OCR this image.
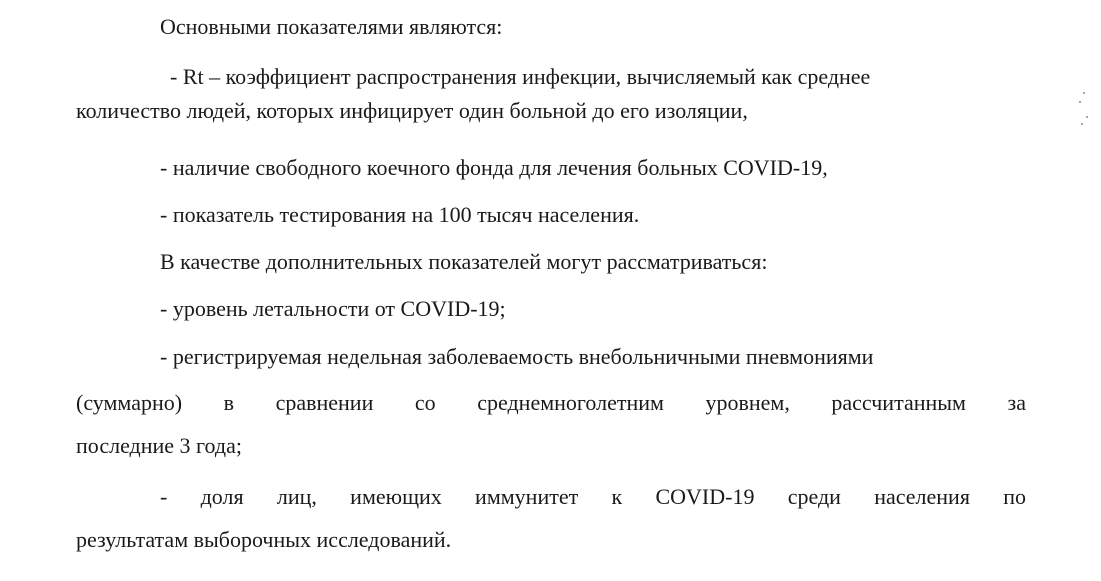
Основными показателями являются:

- Rt – коэффициент распространения инфекции, вычисляемый как среднее

количество людей, которых инфицирует один больной до его изоляции,

- наличие свободного коечного фонда для лечения больных COVID-19,

- показатель тестирования на 100 тысяч населения.

В качестве дополнительных показателей могут рассматриваться:

- уровень летальности от COVID-19;

- регистрируемая недельная заболеваемость внебольничными пневмониями

(суммарно) в сравнении со среднемноголетним уровнем, рассчитанным за

последние 3 года;

- доля лиц, имеющих иммунитет к COVID-19 среди населения по

результатам выборочных исследований.
